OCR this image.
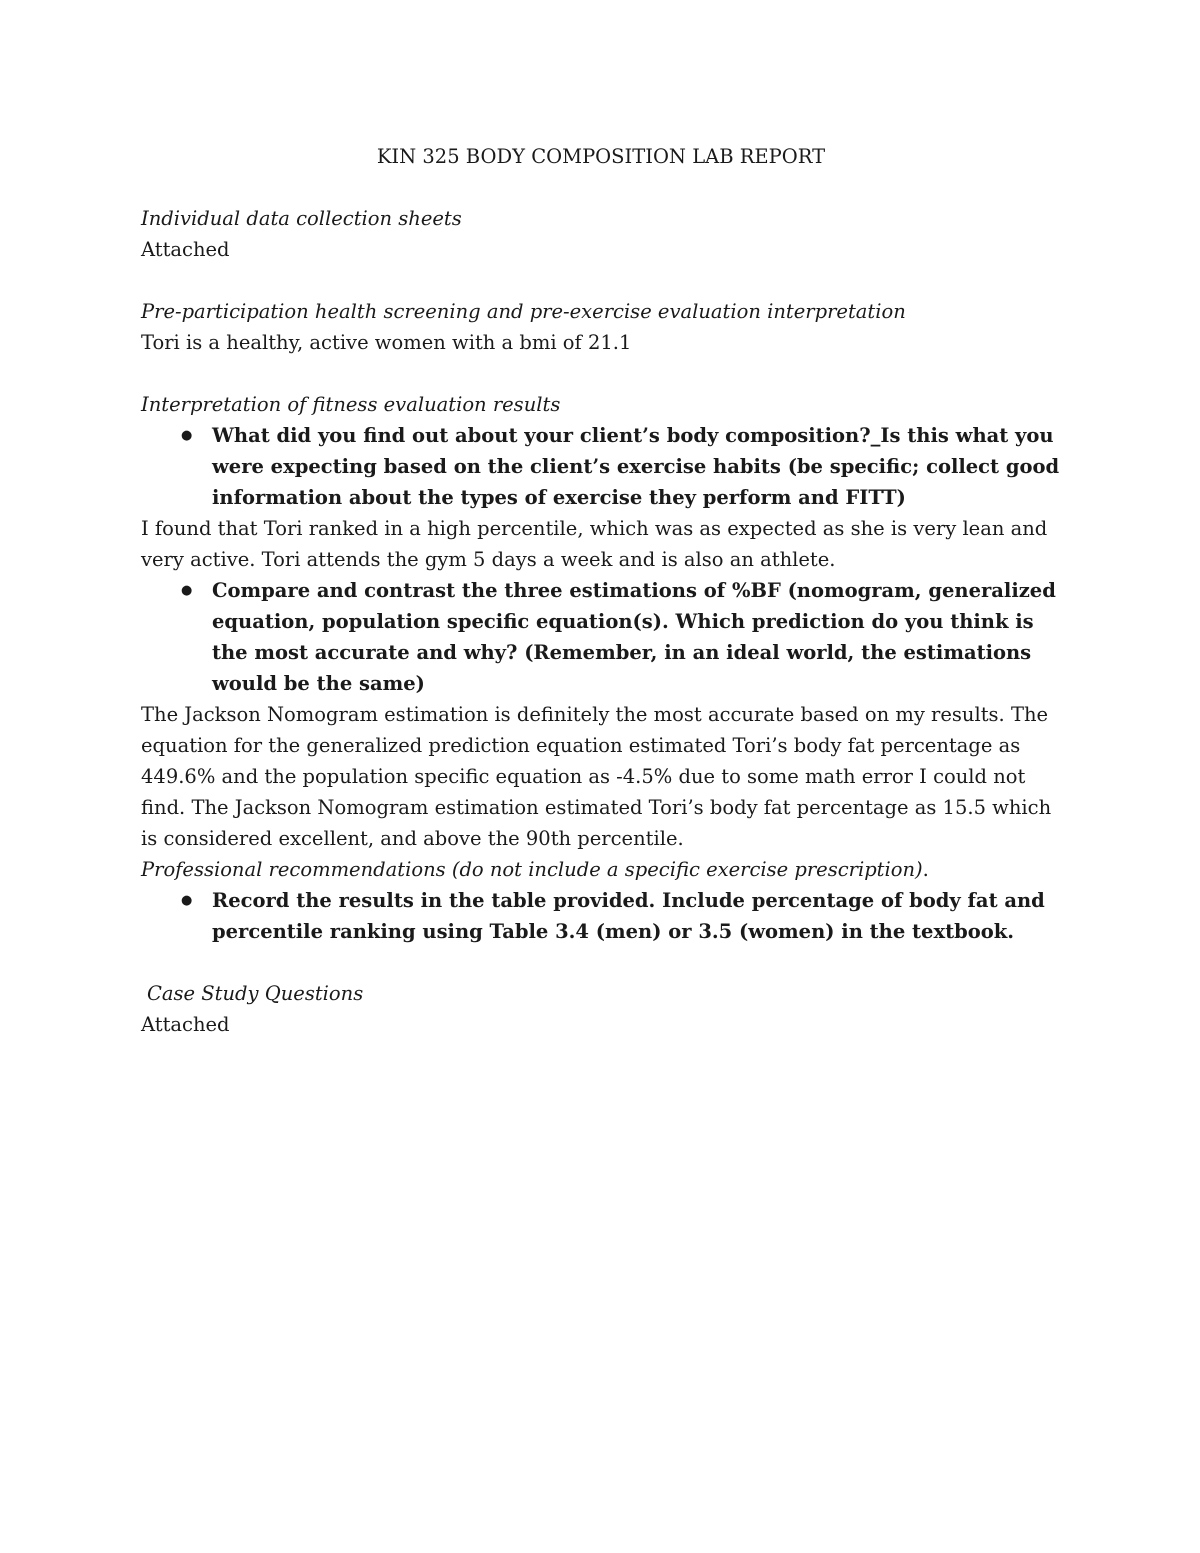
KIN 325 BODY COMPOSITION LAB REPORT

Individual data collection sheets

Attached

Pre-participation health screening and pre-exercise evaluation interpretation

Tori is a healthy, active women with a bmi of 21.1

Interpretation of fitness evaluation results

● What did you find out about your client’s body composition?_Is this what you were expecting based on the client’s exercise habits (be specific; collect good information about the types of exercise they perform and FITT)

I found that Tori ranked in a high percentile, which was as expected as she is very lean and very active. Tori attends the gym 5 days a week and is also an athlete.

● Compare and contrast the three estimations of %BF (nomogram, generalized equation, population specific equation(s). Which prediction do you think is the most accurate and why? (Remember, in an ideal world, the estimations would be the same)

The Jackson Nomogram estimation is definitely the most accurate based on my results. The equation for the generalized prediction equation estimated Tori’s body fat percentage as 449.6% and the population specific equation as -4.5% due to some math error I could not find. The Jackson Nomogram estimation estimated Tori’s body fat percentage as 15.5 which is considered excellent, and above the 90th percentile.

Professional recommendations (do not include a specific exercise prescription).

● Record the results in the table provided. Include percentage of body fat and percentile ranking using Table 3.4 (men) or 3.5 (women) in the textbook.

Case Study Questions

Attached
